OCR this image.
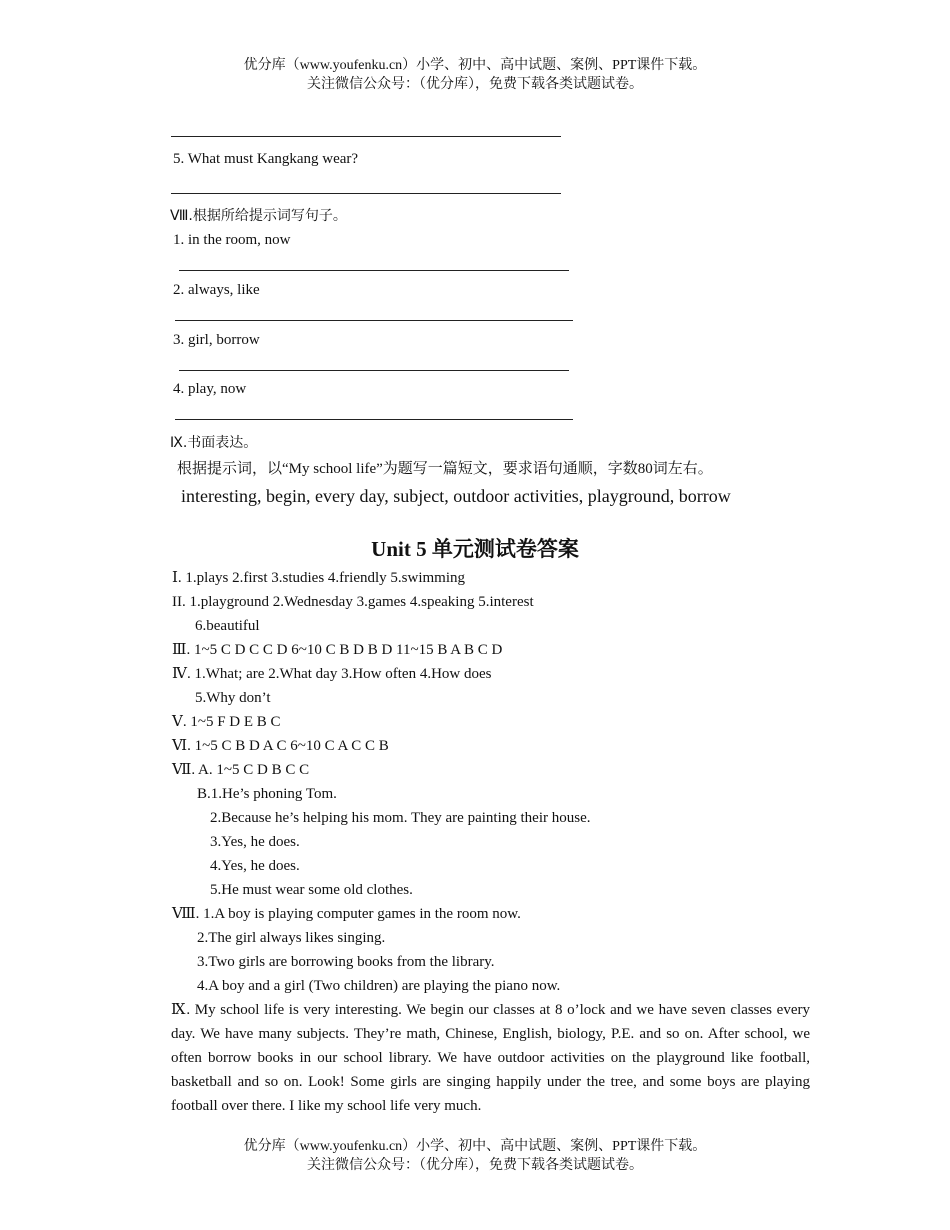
优分库（www.youfenku.cn）小学、初中、高中试题、案例、PPT课件下载。
关注微信公众号：（优分库），免费下载各类试题试卷。
5. What must Kangkang wear?
Ⅷ.根据所给提示词写句子。
1. in the room, now
2. always, like
3. girl, borrow
4. play, now
Ⅸ.书面表达。
根据提示词，以“My school life”为题写一篇短文，要求语句通顺，字数80词左右。
interesting, begin, every day, subject, outdoor activities, playground, borrow
Unit 5 单元测试卷答案
Ⅰ. 1.plays 2.first 3.studies 4.friendly 5.swimming
II. 1.playground 2.Wednesday 3.games 4.speaking 5.interest
6.beautiful
Ⅲ. 1~5 C D C C D 6~10 C B D B D 11~15 B A B C D
Ⅳ. 1.What; are 2.What day 3.How often 4.How does
5.Why don’t
Ⅴ. 1~5 F D E B C
Ⅵ. 1~5 C B D A C 6~10 C A C C B
Ⅶ. A. 1~5 C D B C C
B.1.He’s phoning Tom.
2.Because he’s helping his mom. They are painting their house.
3.Yes, he does.
4.Yes, he does.
5.He must wear some old clothes.
Ⅷ. 1.A boy is playing computer games in the room now.
2.The girl always likes singing.
3.Two girls are borrowing books from the library.
4.A boy and a girl (Two children) are playing the piano now.
Ⅸ. My school life is very interesting. We begin our classes at 8 o’lock and we have seven classes every day. We have many subjects. They’re math, Chinese, English, biology, P.E. and so on. After school, we often borrow books in our school library. We have outdoor activities on the playground like football, basketball and so on. Look! Some girls are singing happily under the tree, and some boys are playing football over there. I like my school life very much.
优分库（www.youfenku.cn）小学、初中、高中试题、案例、PPT课件下载。
关注微信公众号：（优分库），免费下载各类试题试卷。
